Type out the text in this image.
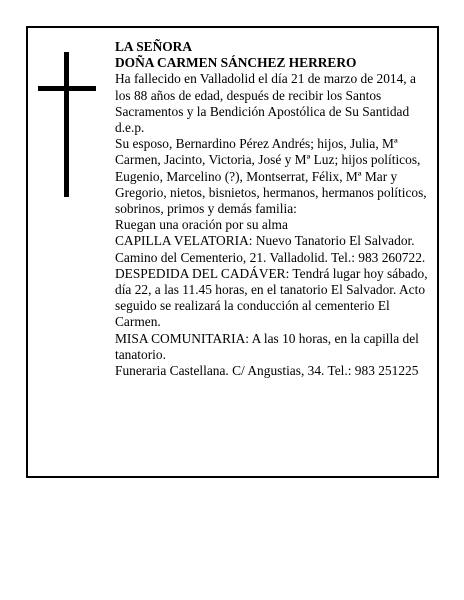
LA SEÑORA

DOÑA CARMEN SÁNCHEZ HERRERO

Ha fallecido en Valladolid el día 21 de marzo de 2014, a los 88 años de edad, después de recibir los Santos Sacramentos y la Bendición Apostólica de Su Santidad

d.e.p.

Su esposo, Bernardino Pérez Andrés; hijos, Julia, Mª Carmen, Jacinto, Victoria, José y Mª Luz; hijos políticos, Eugenio, Marcelino (?), Montserrat, Félix, Mª Mar y Gregorio, nietos, bisnietos, hermanos, hermanos políticos, sobrinos, primos y demás familia:

Ruegan una oración por su alma

CAPILLA VELATORIA: Nuevo Tanatorio El Salvador. Camino del Cementerio, 21. Valladolid. Tel.: 983 260722.

DESPEDIDA DEL CADÁVER: Tendrá lugar hoy sábado, día 22, a las 11.45 horas, en el tanatorio El Salvador. Acto seguido se realizará la conducción al cementerio El Carmen.

MISA COMUNITARIA: A las 10 horas, en la capilla del tanatorio.

Funeraria Castellana. C/ Angustias, 34. Tel.: 983 251225
